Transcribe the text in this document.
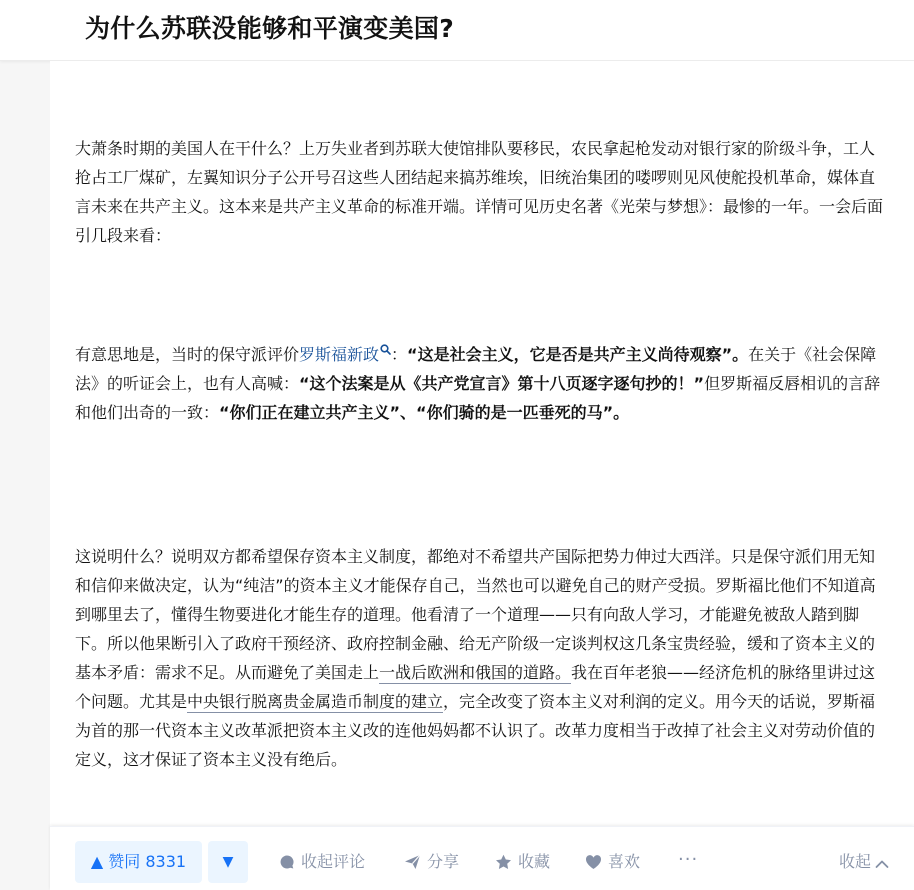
为什么苏联没能够和平演变美国?

大萧条时期的美国人在干什么？上万失业者到苏联大使馆排队要移民，农民拿起枪发动对银行家的阶级斗争，工人抢占工厂煤矿，左翼知识分子公开号召这些人团结起来搞苏维埃，旧统治集团的喽啰则见风使舵投机革命，媒体直言未来在共产主义。这本来是共产主义革命的标准开端。详情可见历史名著《光荣与梦想》：最惨的一年。一会后面引几段来看：

有意思地是，当时的保守派评价罗斯福新政 ：“这是社会主义，它是否是共产主义尚待观察”。在关于《社会保障法》的听证会上，也有人高喊：“这个法案是从《共产党宣言》第十八页逐字逐句抄的！”但罗斯福反唇相讥的言辞和他们出奇的一致：“你们正在建立共产主义”、“你们骑的是一匹垂死的马”。

这说明什么？说明双方都希望保存资本主义制度，都绝对不希望共产国际把势力伸过大西洋。只是保守派们用无知和信仰来做决定，认为“纯洁”的资本主义才能保存自己，当然也可以避免自己的财产受损。罗斯福比他们不知道高到哪里去了，懂得生物要进化才能生存的道理。他看清了一个道理——只有向敌人学习，才能避免被敌人踏到脚下。所以他果断引入了政府干预经济、政府控制金融、给无产阶级一定谈判权这几条宝贵经验，缓和了资本主义的基本矛盾：需求不足。从而避免了美国走上一战后欧洲和俄国的道路。我在百年老狼——经济危机的脉络里讲过这个问题。尤其是中央银行脱离贵金属造币制度的建立，完全改变了资本主义对利润的定义。用今天的话说，罗斯福为首的那一代资本主义改革派把资本主义改的连他妈妈都不认识了。改革力度相当于改掉了社会主义对劳动价值的定义，这才保证了资本主义没有绝后。

▲ 赞同 8331	▼	收起评论	分享	收藏	喜欢 ···	收起
